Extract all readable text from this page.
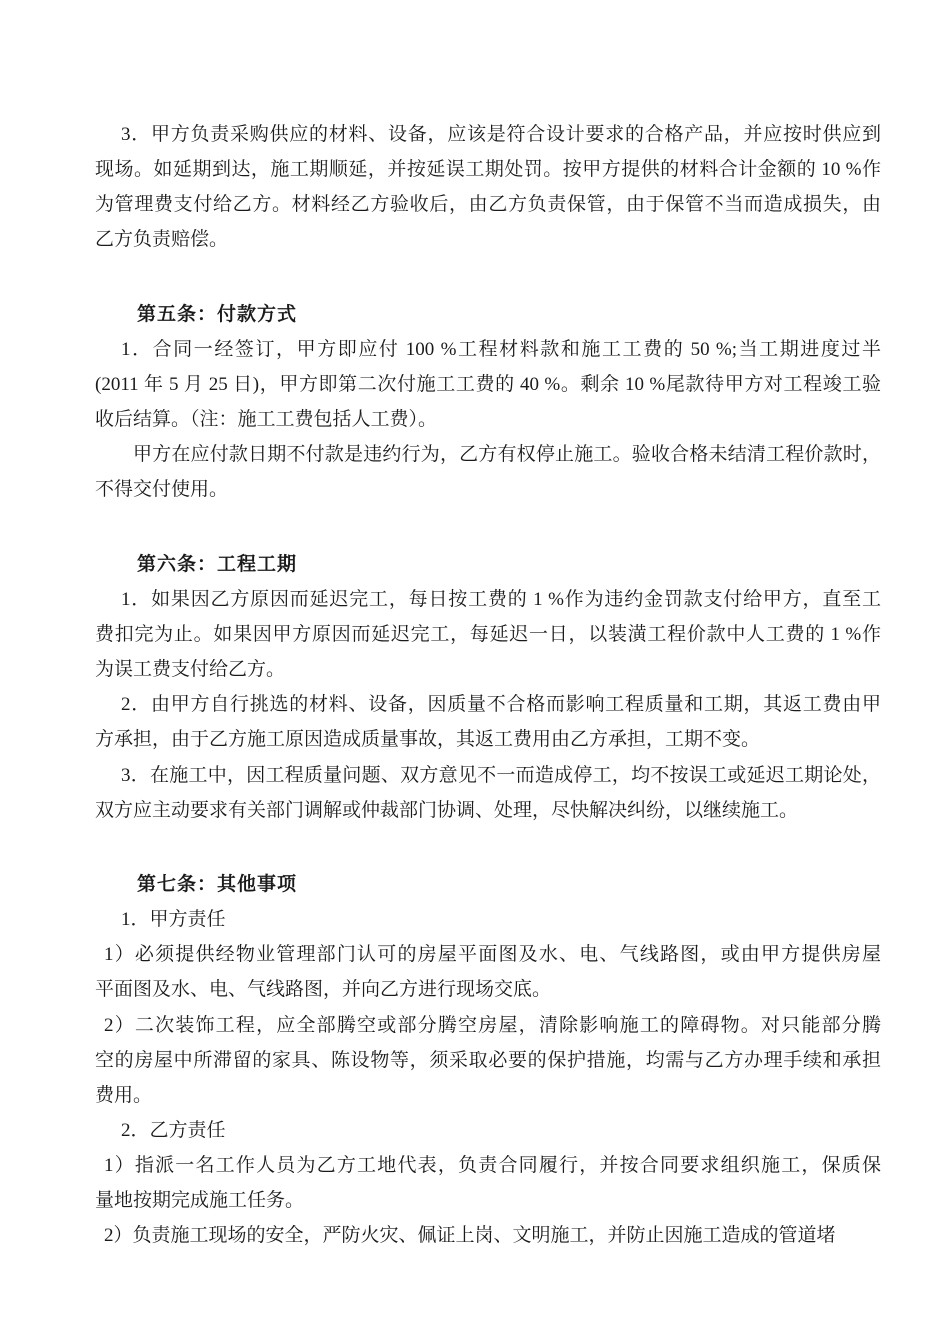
3．甲方负责采购供应的材料、设备，应该是符合设计要求的合格产品，并应按时供应到
现场。如延期到达，施工期顺延，并按延误工期处罚。按甲方提供的材料合计金额的 10 %作
为管理费支付给乙方。材料经乙方验收后，由乙方负责保管，由于保管不当而造成损失，由
乙方负责赔偿。
第五条：付款方式
1．合同一经签订，甲方即应付 100 %工程材料款和施工工费的 50 %;当工期进度过半
(2011 年 5 月 25 日)，甲方即第二次付施工工费的 40 %。剩余 10 %尾款待甲方对工程竣工验
收后结算。（注：施工工费包括人工费）。
甲方在应付款日期不付款是违约行为，乙方有权停止施工。验收合格未结清工程价款时，
不得交付使用。
第六条：工程工期
1．如果因乙方原因而延迟完工，每日按工费的 1 %作为违约金罚款支付给甲方，直至工
费扣完为止。如果因甲方原因而延迟完工，每延迟一日，以装潢工程价款中人工费的 1 %作
为误工费支付给乙方。
2．由甲方自行挑选的材料、设备，因质量不合格而影响工程质量和工期，其返工费由甲
方承担，由于乙方施工原因造成质量事故，其返工费用由乙方承担，工期不变。
3．在施工中，因工程质量问题、双方意见不一而造成停工，均不按误工或延迟工期论处，
双方应主动要求有关部门调解或仲裁部门协调、处理，尽快解决纠纷，以继续施工。
第七条：其他事项
1．甲方责任
1）必须提供经物业管理部门认可的房屋平面图及水、电、气线路图，或由甲方提供房屋
平面图及水、电、气线路图，并向乙方进行现场交底。
2）二次装饰工程，应全部腾空或部分腾空房屋，清除影响施工的障碍物。对只能部分腾
空的房屋中所滞留的家具、陈设物等，须采取必要的保护措施，均需与乙方办理手续和承担
费用。
2．乙方责任
1）指派一名工作人员为乙方工地代表，负责合同履行，并按合同要求组织施工，保质保
量地按期完成施工任务。
2）负责施工现场的安全，严防火灾、佩证上岗、文明施工，并防止因施工造成的管道堵
